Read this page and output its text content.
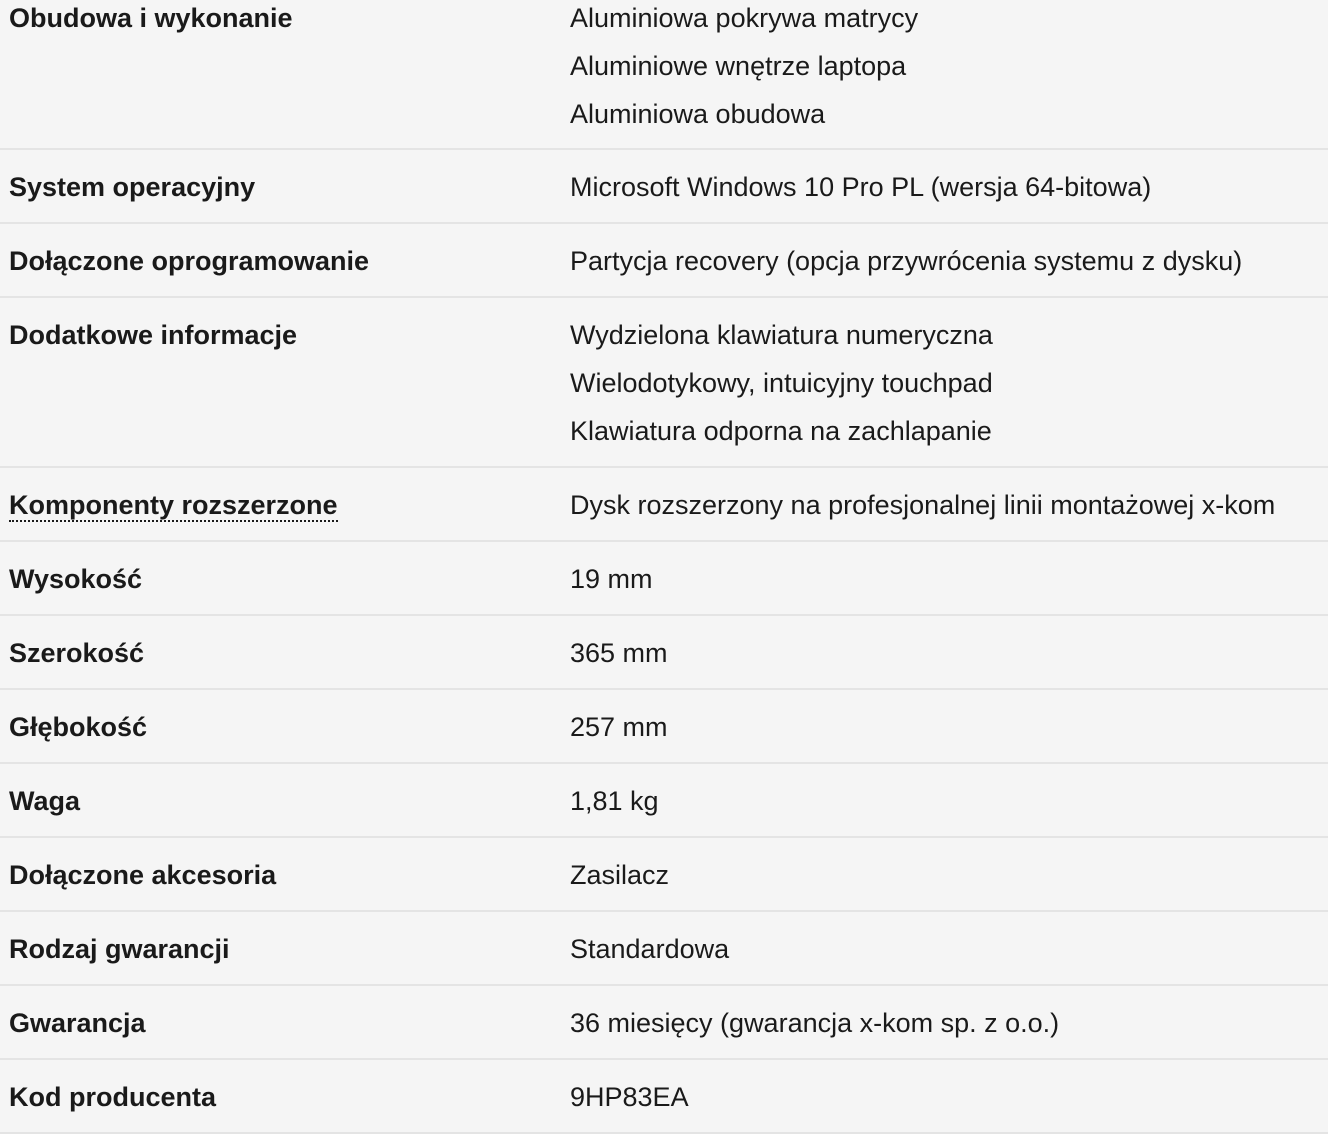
Obudowa i wykonanie	Aluminiowa pokrywa matrycy
Aluminiowe wnętrze laptopa
Aluminiowa obudowa
System operacyjny	Microsoft Windows 10 Pro PL (wersja 64-bitowa)
Dołączone oprogramowanie	Partycja recovery (opcja przywrócenia systemu z dysku)
Dodatkowe informacje	Wydzielona klawiatura numeryczna
Wielodotykowy, intuicyjny touchpad
Klawiatura odporna na zachlapanie
Komponenty rozszerzone	Dysk rozszerzony na profesjonalnej linii montażowej x-kom
Wysokość	19 mm
Szerokość	365 mm
Głębokość	257 mm
Waga	1,81 kg
Dołączone akcesoria	Zasilacz
Rodzaj gwarancji	Standardowa
Gwarancja	36 miesięcy (gwarancja x-kom sp. z o.o.)
Kod producenta	9HP83EA
